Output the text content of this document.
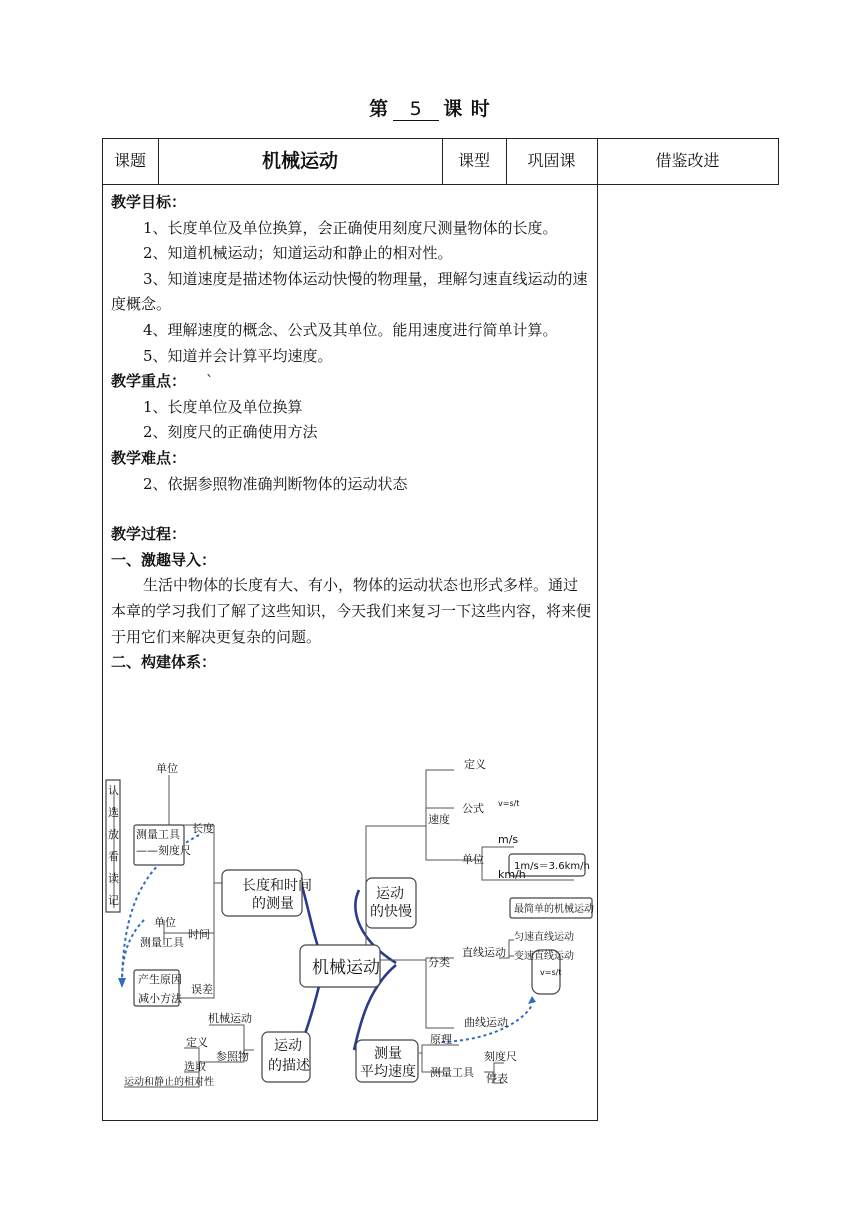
第 5 课 时
课题	机械运动	课型	巩固课	借鉴改进

教学目标：

1、长度单位及单位换算，会正确使用刻度尺测量物体的长度。

2、知道机械运动；知道运动和静止的相对性。

3、知道速度是描述物体运动快慢的物理量，理解匀速直线运动的速度概念。

4、理解速度的概念、公式及其单位。能用速度进行简单计算。

5、知道并会计算平均速度。

教学重点： `

1、长度单位及单位换算

2、刻度尺的正确使用方法

教学难点：

2、依据参照物准确判断物体的运动状态

教学过程：

一、激趣导入：

生活中物体的长度有大、有小，物体的运动状态也形式多样。通过本章的学习我们了解了这些知识，今天我们来复习一下这些内容，将来便于用它们来解决更复杂的问题。

二、构建体系：

长度和时间
的测量
运动
的快慢
运动
的描述
测量
平均速度
机械运动
单位
测量工具
——刻度尺
长度
单位
测量工具
时间
产生原因
减小方法
误差
认
选
放
看
读
记
速度
定义
公式 v=s/t
单位
m/s
km/h
1m/s＝3.6km/h
分类
直线运动
最简单的机械运动
匀速直线运动
变速直线运动
v=s/t
曲线运动
机械运动
参照物
定义
选取
运动和静止的相对性
原理
测量工具
刻度尺
停表
